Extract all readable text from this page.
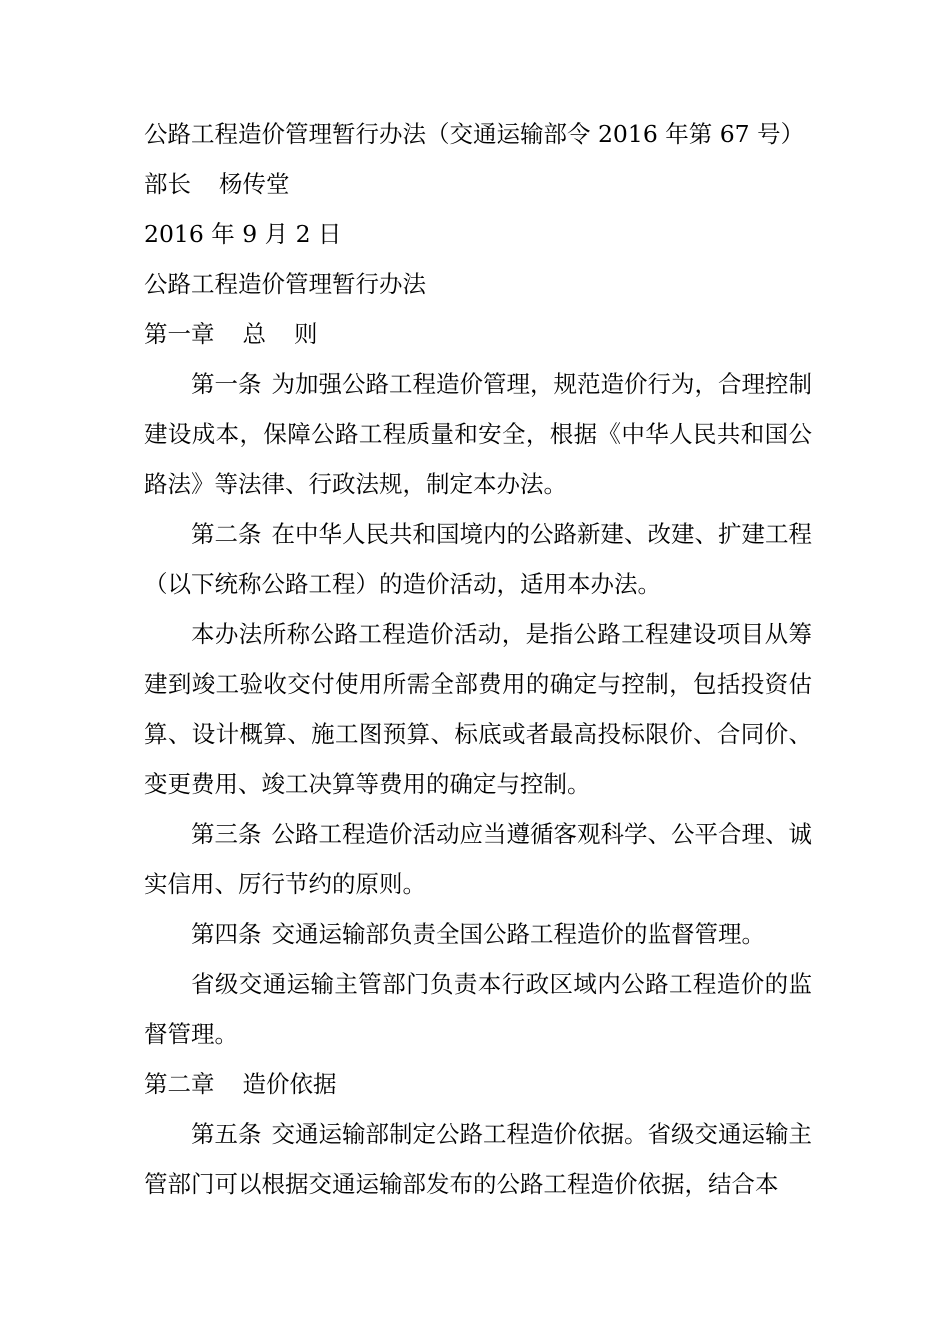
公路工程造价管理暂行办法（交通运输部令 2016 年第 67 号）

部长 杨传堂

2016 年 9 月 2 日

公路工程造价管理暂行办法

第一章 总 则

第一条 为加强公路工程造价管理，规范造价行为，合理控制建设成本，保障公路工程质量和安全，根据《中华人民共和国公路法》等法律、行政法规，制定本办法。

第二条 在中华人民共和国境内的公路新建、改建、扩建工程（以下统称公路工程）的造价活动，适用本办法。

本办法所称公路工程造价活动，是指公路工程建设项目从筹建到竣工验收交付使用所需全部费用的确定与控制，包括投资估算、设计概算、施工图预算、标底或者最高投标限价、合同价、变更费用、竣工决算等费用的确定与控制。

第三条 公路工程造价活动应当遵循客观科学、公平合理、诚实信用、厉行节约的原则。

第四条 交通运输部负责全国公路工程造价的监督管理。

省级交通运输主管部门负责本行政区域内公路工程造价的监督管理。

第二章 造价依据

第五条 交通运输部制定公路工程造价依据。省级交通运输主管部门可以根据交通运输部发布的公路工程造价依据，结合本
